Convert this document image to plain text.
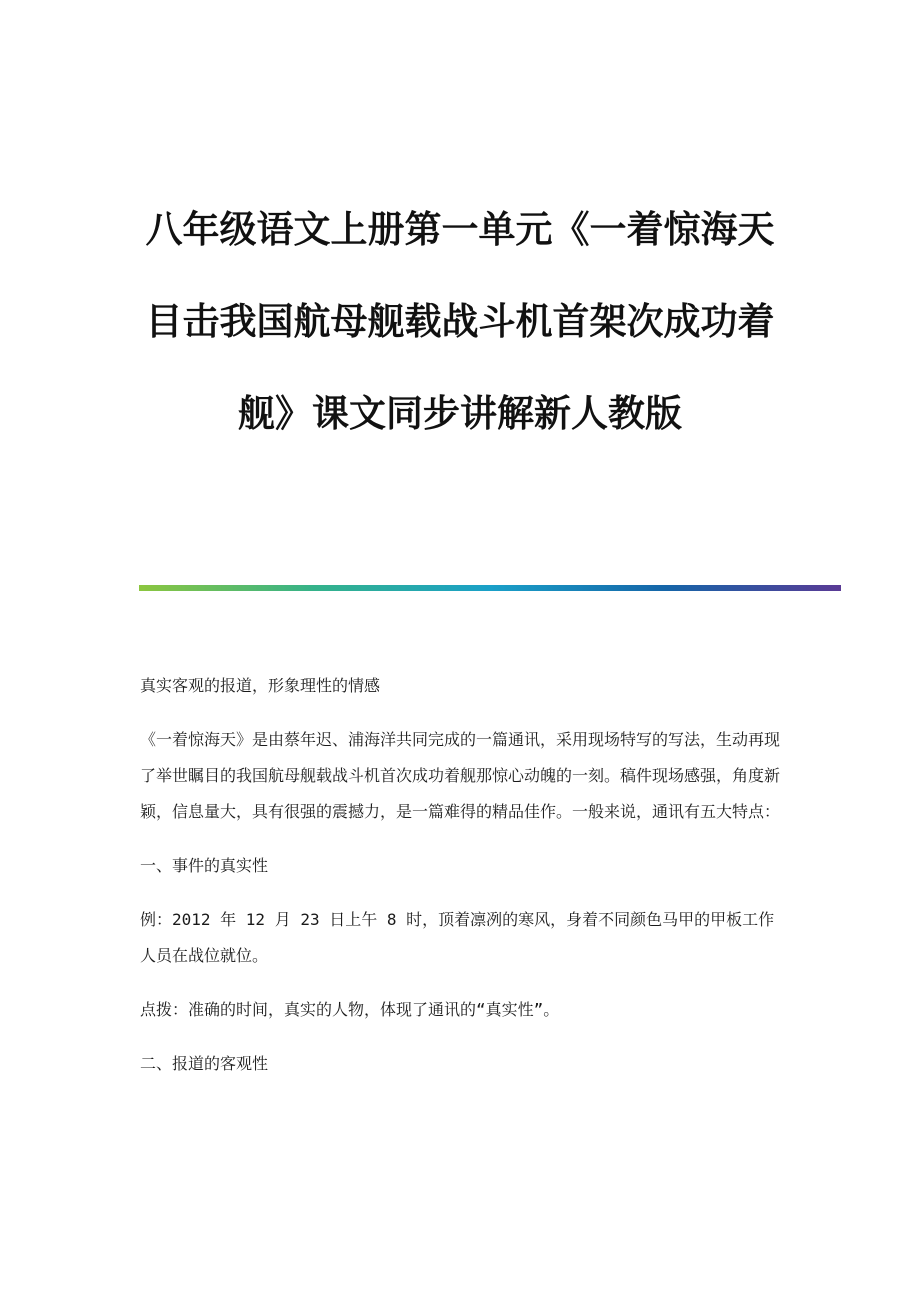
八年级语文上册第一单元《一着惊海天
目击我国航母舰载战斗机首架次成功着
舰》课文同步讲解新人教版

真实客观的报道，形象理性的情感

《一着惊海天》是由蔡年迟、浦海洋共同完成的一篇通讯，采用现场特写的写法，生动再现了举世瞩目的我国航母舰载战斗机首次成功着舰那惊心动魄的一刻。稿件现场感强，角度新颖，信息量大，具有很强的震撼力，是一篇难得的精品佳作。一般来说，通讯有五大特点：

一、事件的真实性

例：2012 年 12 月 23 日上午 8 时，顶着凛冽的寒风，身着不同颜色马甲的甲板工作人员在战位就位。

点拨：准确的时间，真实的人物，体现了通讯的“真实性”。

二、报道的客观性
